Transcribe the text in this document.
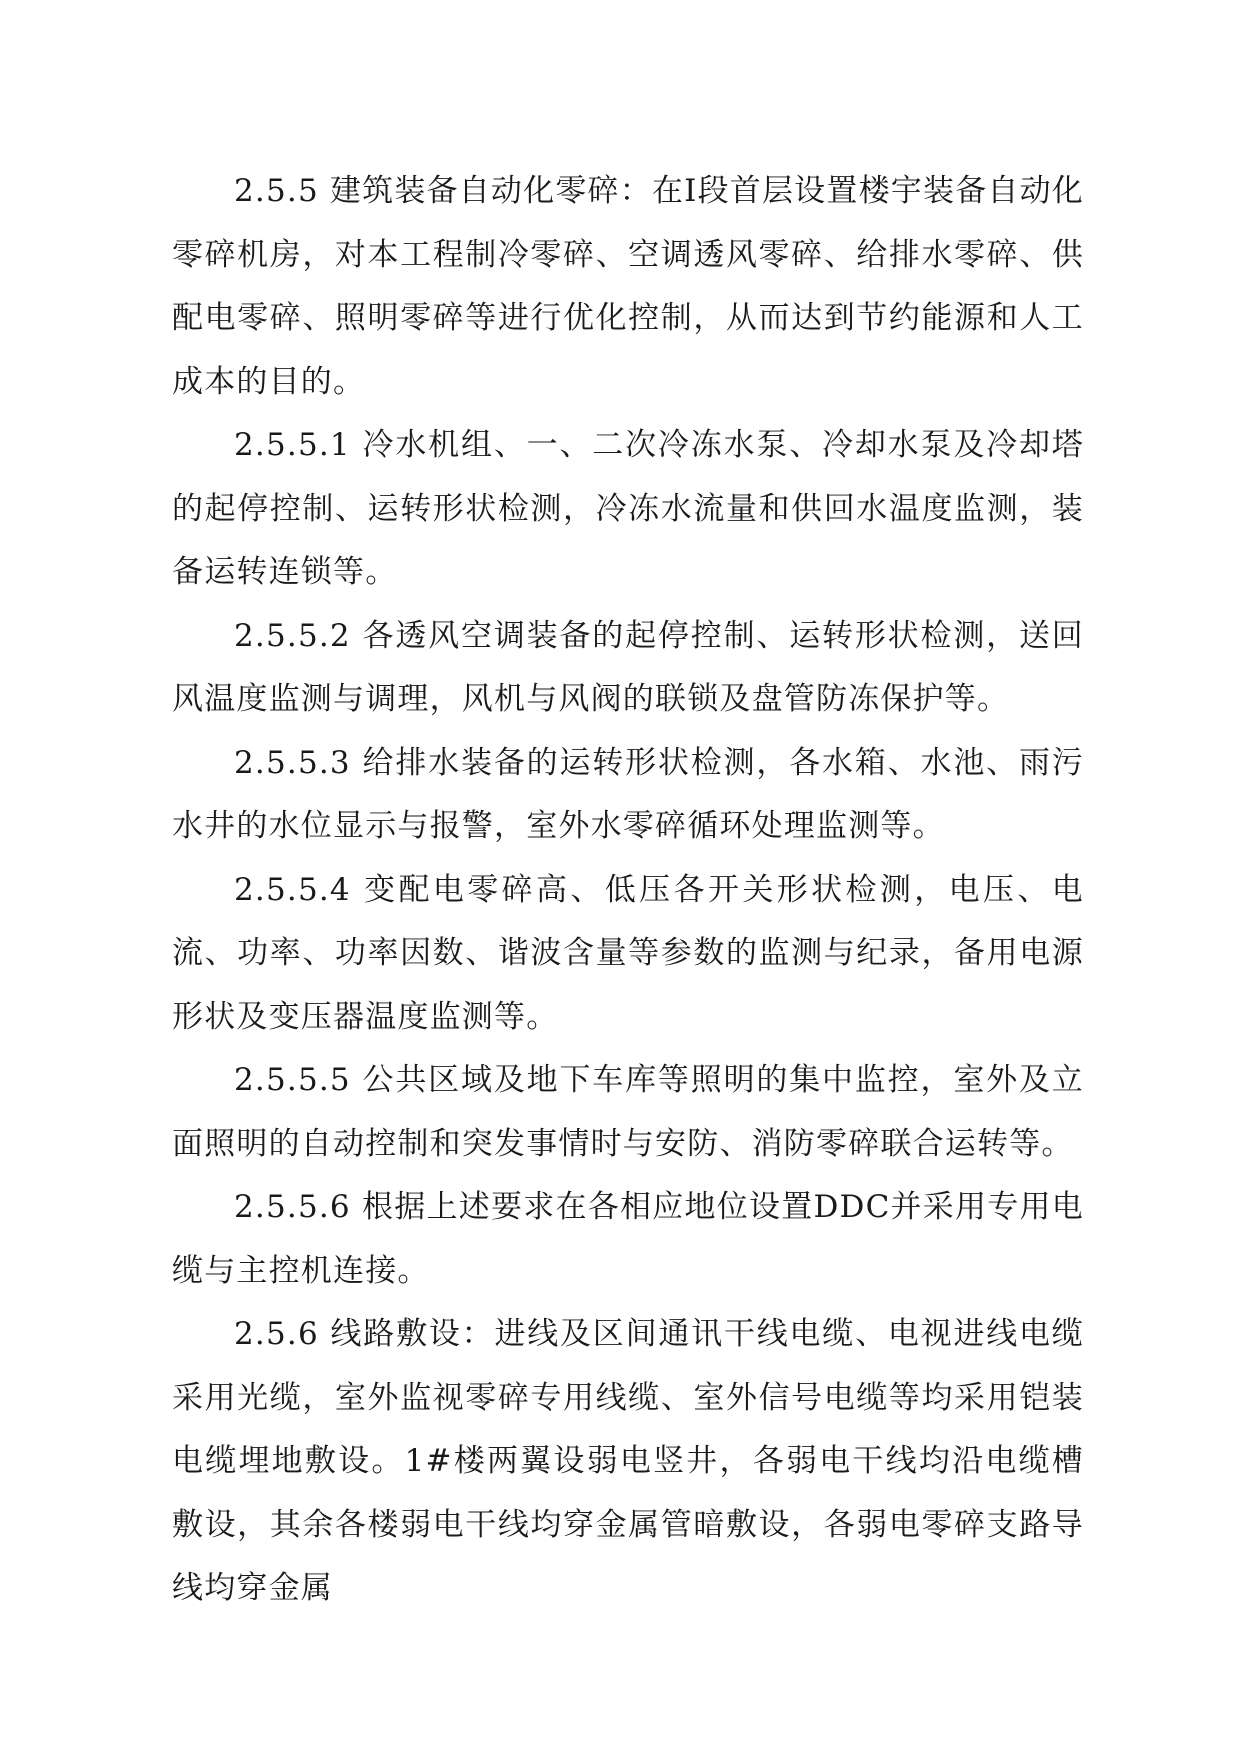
2.5.5 建筑装备自动化零碎：在Ⅰ段首层设置楼宇装备自动化零碎机房，对本工程制冷零碎、空调透风零碎、给排水零碎、供配电零碎、照明零碎等进行优化控制，从而达到节约能源和人工成本的目的。

2.5.5.1 冷水机组、一、二次冷冻水泵、冷却水泵及冷却塔的起停控制、运转形状检测，冷冻水流量和供回水温度监测，装备运转连锁等。

2.5.5.2 各透风空调装备的起停控制、运转形状检测，送回风温度监测与调理，风机与风阀的联锁及盘管防冻保护等。

2.5.5.3 给排水装备的运转形状检测，各水箱、水池、雨污水井的水位显示与报警，室外水零碎循环处理监测等。

2.5.5.4 变配电零碎高、低压各开关形状检测，电压、电流、功率、功率因数、谐波含量等参数的监测与纪录，备用电源形状及变压器温度监测等。

2.5.5.5 公共区域及地下车库等照明的集中监控，室外及立面照明的自动控制和突发事情时与安防、消防零碎联合运转等。

2.5.5.6 根据上述要求在各相应地位设置DDC并采用专用电缆与主控机连接。

2.5.6 线路敷设：进线及区间通讯干线电缆、电视进线电缆采用光缆，室外监视零碎专用线缆、室外信号电缆等均采用铠装电缆埋地敷设。1#楼两翼设弱电竖井，各弱电干线均沿电缆槽敷设，其余各楼弱电干线均穿金属管暗敷设，各弱电零碎支路导线均穿金属
